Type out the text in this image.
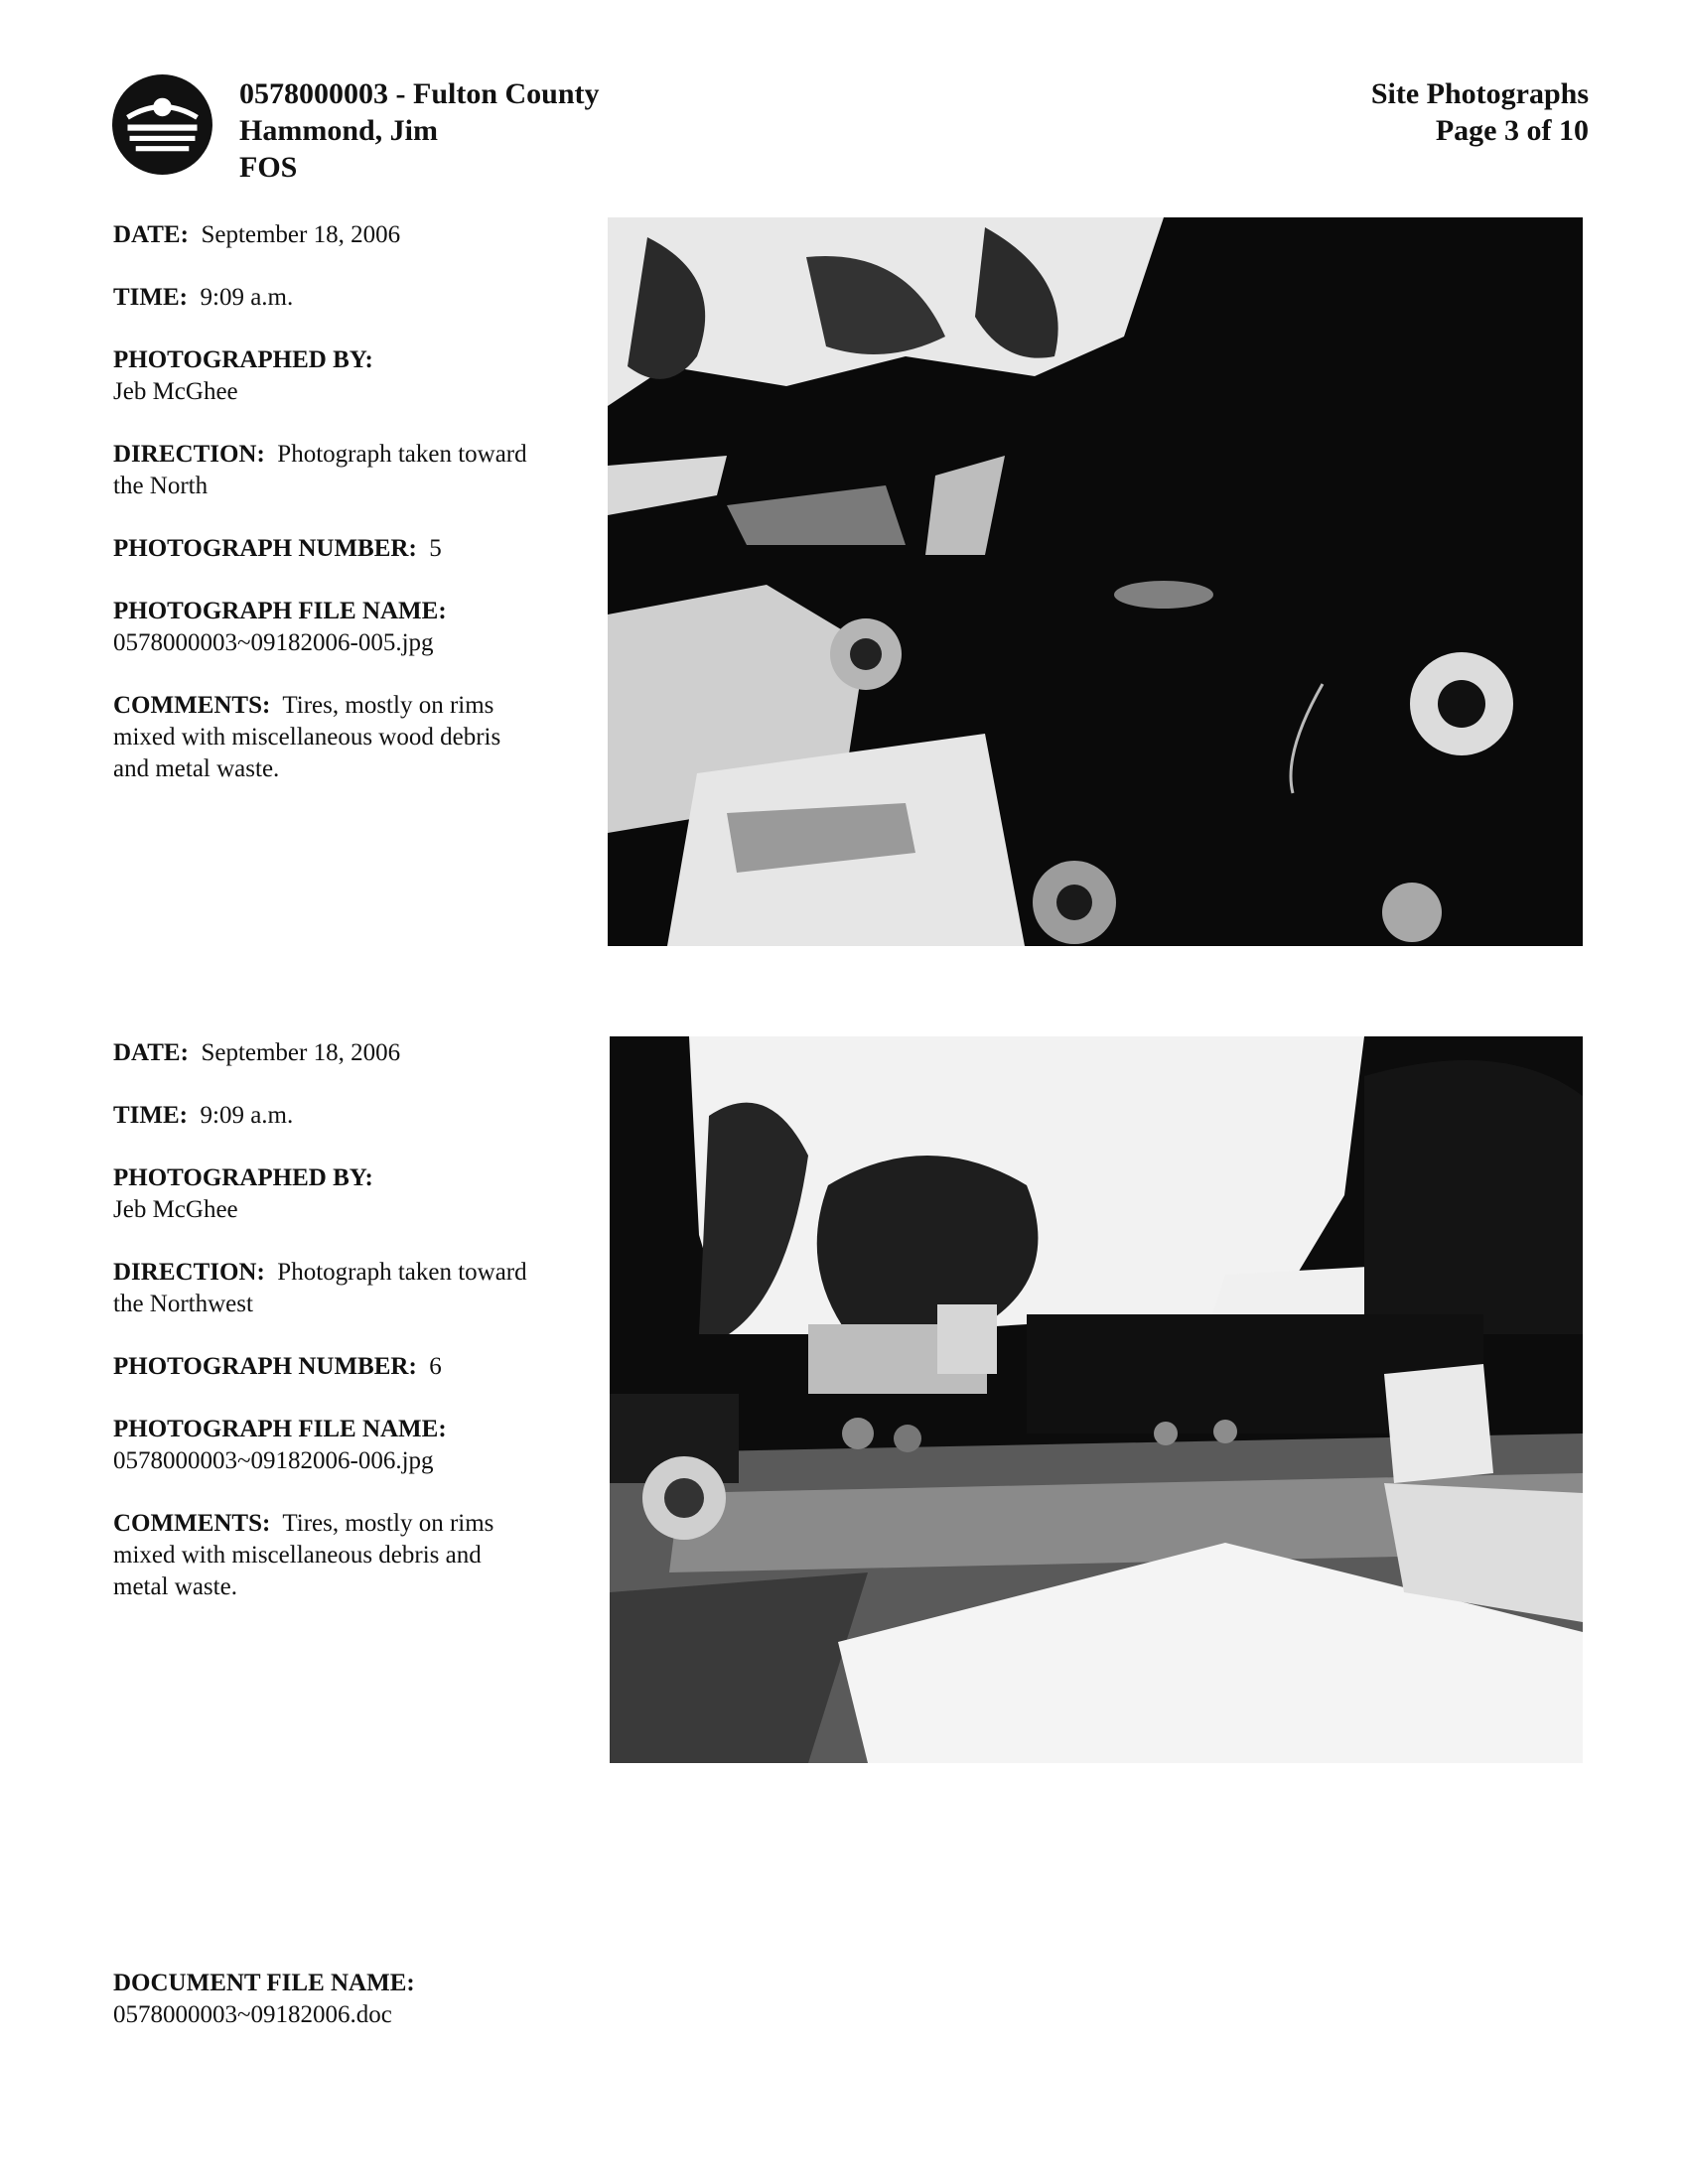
0578000003 - Fulton County
Hammond, Jim
FOS
Site Photographs
Page 3 of 10
DATE: September 18, 2006
TIME: 9:09 a.m.
PHOTOGRAPHED BY:
Jeb McGhee
DIRECTION: Photograph taken toward
the North
PHOTOGRAPH NUMBER: 5
PHOTOGRAPH FILE NAME:
0578000003~09182006-005.jpg
COMMENTS: Tires, mostly on rims
mixed with miscellaneous wood debris
and metal waste.
DATE: September 18, 2006
TIME: 9:09 a.m.
PHOTOGRAPHED BY:
Jeb McGhee
DIRECTION: Photograph taken toward
the Northwest
PHOTOGRAPH NUMBER: 6
PHOTOGRAPH FILE NAME:
0578000003~09182006-006.jpg
COMMENTS: Tires, mostly on rims
mixed with miscellaneous debris and
metal waste.
DOCUMENT FILE NAME:
0578000003~09182006.doc
